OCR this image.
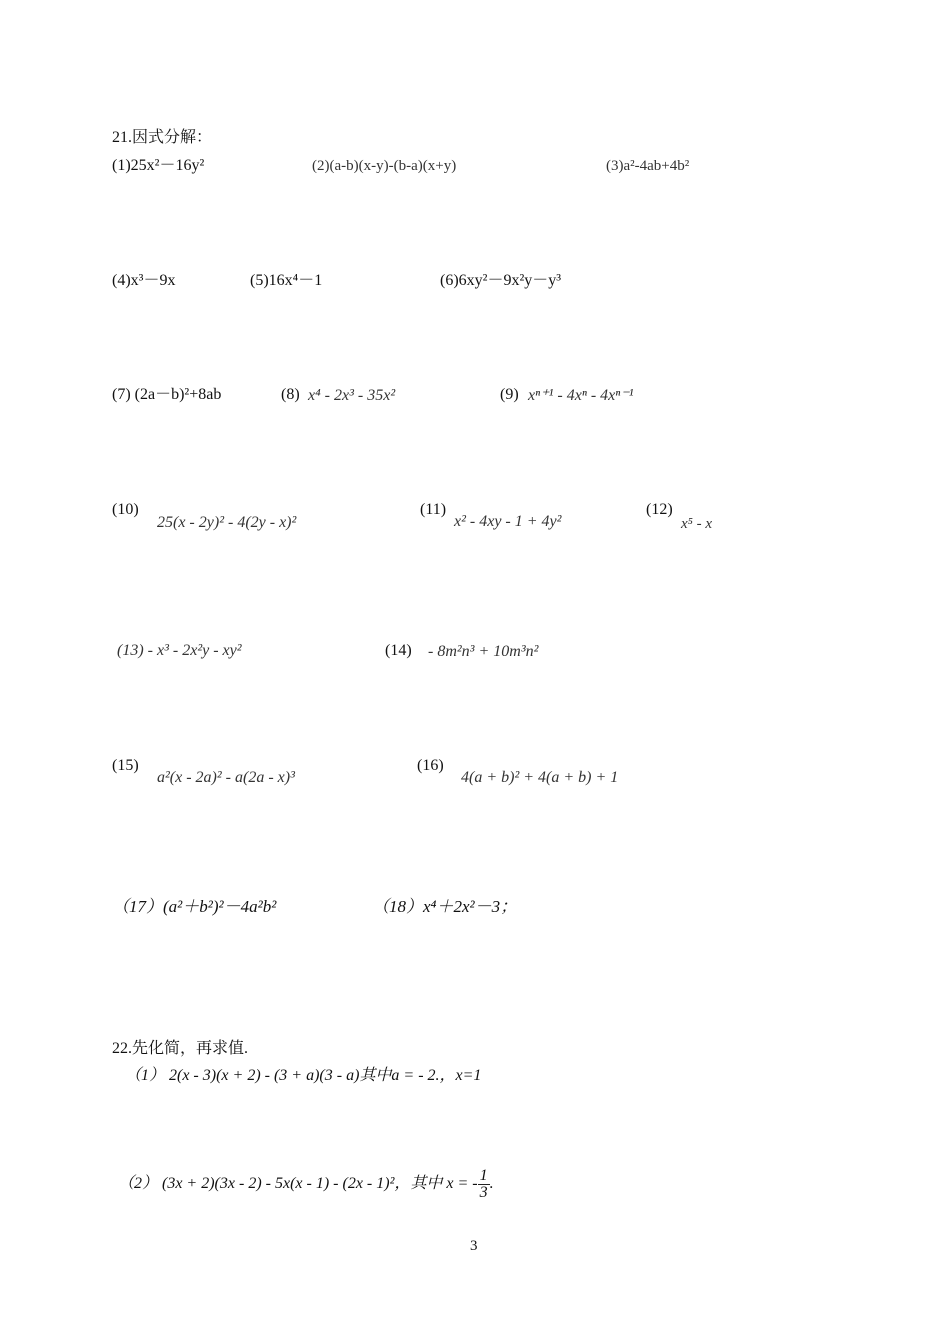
21.因式分解：
(1)25x²－16y²	(2)(a-b)(x-y)-(b-a)(x+y)	(3)a²-4ab+4b²
(4)x³－9x	(5)16x⁴－1	(6)6xy²－9x²y－y³
(7) (2a－b)²+8ab	(8) x⁴ - 2x³ - 35x²	(9) xⁿ⁺¹ - 4xⁿ - 4xⁿ⁻¹
(10)
25(x - 2y)² - 4(2y - x)²
(11)
x² - 4xy - 1 + 4y²
(12)
x⁵ - x
(13) - x³ - 2x²y - xy²	(14) - 8m²n³ + 10m³n²
(15)
a²(x - 2a)² - a(2a - x)³
(16)
4(a + b)² + 4(a + b) + 1
（17）(a²＋b²)²－4a²b²	（18）x⁴＋2x²－3；
22.先化简，再求值.
（1） 2(x - 3)(x + 2) - (3 + a)(3 - a)其中a = - 2.，x=1
（2） (3x + 2)(3x - 2) - 5x(x - 1) - (2x - 1)²，其中 x = - $\frac{1}{3}$ .
3
